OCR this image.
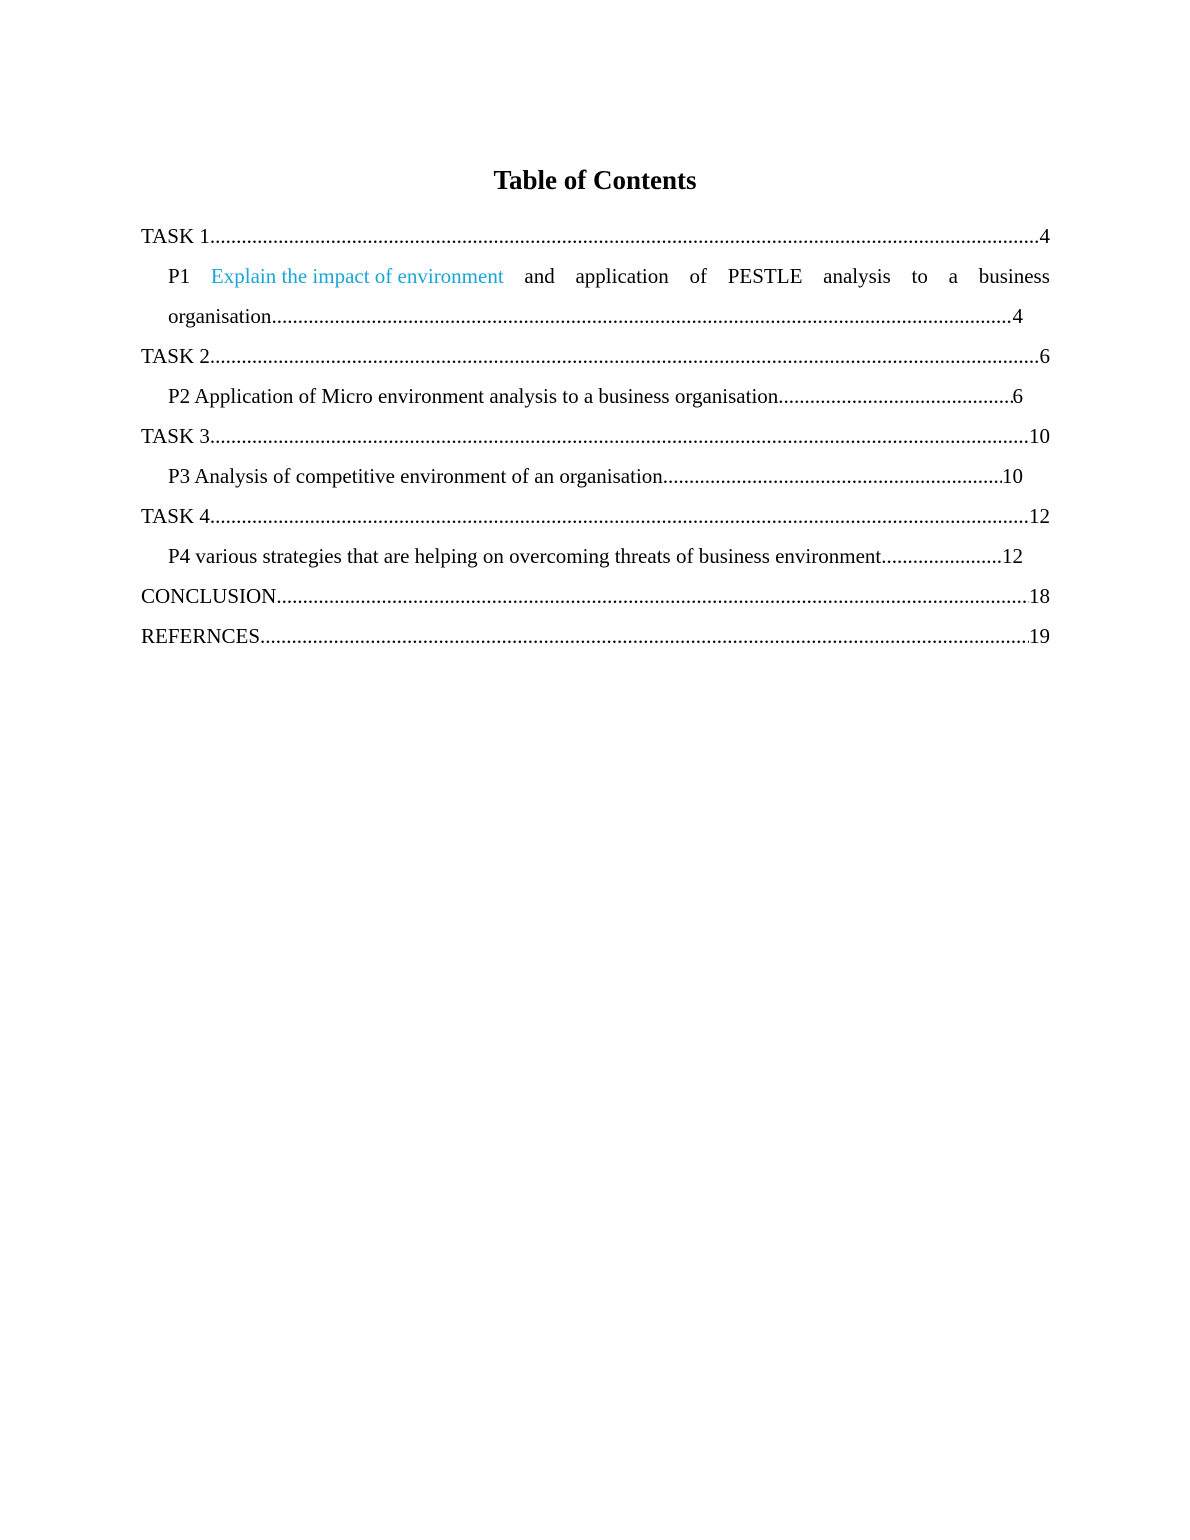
Table of Contents
TASK 1 .....	4
P1 Explain the impact of environment and application of PESTLE analysis to a business
organisation .....	4
TASK 2 .....	6
P2 Application of Micro environment analysis to a business organisation .....	6
TASK 3 .....	10
P3 Analysis of competitive environment of an organisation .....	10
TASK 4 .....	12
P4 various strategies that are helping on overcoming threats of business environment. .....	12
CONCLUSION .....	18
REFERNCES .....	19
